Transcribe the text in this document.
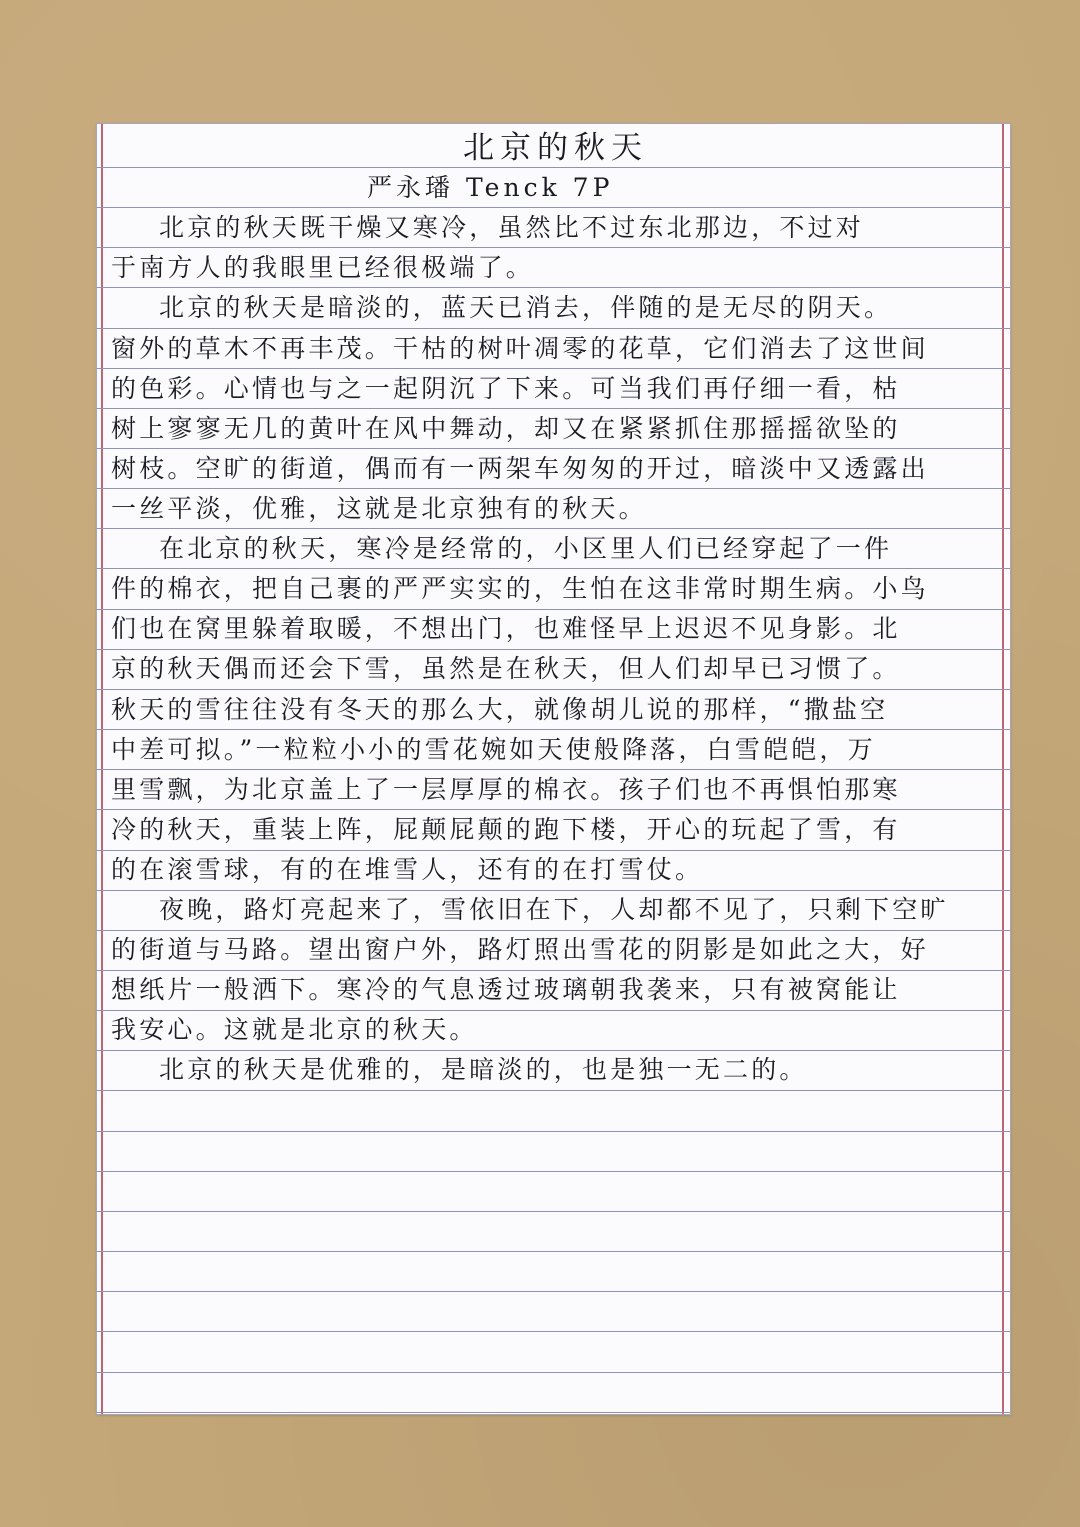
北京的秋天
严永璠 Tenck 7P
北京的秋天既干燥又寒冷，虽然比不过东北那边，不过对
于南方人的我眼里已经很极端了。
北京的秋天是暗淡的，蓝天已消去，伴随的是无尽的阴天。
窗外的草木不再丰茂。干枯的树叶凋零的花草，它们消去了这世间
的色彩。心情也与之一起阴沉了下来。可当我们再仔细一看，枯
树上寥寥无几的黄叶在风中舞动，却又在紧紧抓住那摇摇欲坠的
树枝。空旷的街道，偶而有一两架车匆匆的开过，暗淡中又透露出
一丝平淡，优雅，这就是北京独有的秋天。
在北京的秋天，寒冷是经常的，小区里人们已经穿起了一件
件的棉衣，把自己裹的严严实实的，生怕在这非常时期生病。小鸟
们也在窝里躲着取暖，不想出门，也难怪早上迟迟不见身影。北
京的秋天偶而还会下雪，虽然是在秋天，但人们却早已习惯了。
秋天的雪往往没有冬天的那么大，就像胡儿说的那样，“撒盐空
中差可拟。”一粒粒小小的雪花婉如天使般降落，白雪皑皑，万
里雪飘，为北京盖上了一层厚厚的棉衣。孩子们也不再惧怕那寒
冷的秋天，重装上阵，屁颠屁颠的跑下楼，开心的玩起了雪，有
的在滚雪球，有的在堆雪人，还有的在打雪仗。
夜晚，路灯亮起来了，雪依旧在下，人却都不见了，只剩下空旷
的街道与马路。望出窗户外，路灯照出雪花的阴影是如此之大，好
想纸片一般洒下。寒冷的气息透过玻璃朝我袭来，只有被窝能让
我安心。这就是北京的秋天。
北京的秋天是优雅的，是暗淡的，也是独一无二的。
